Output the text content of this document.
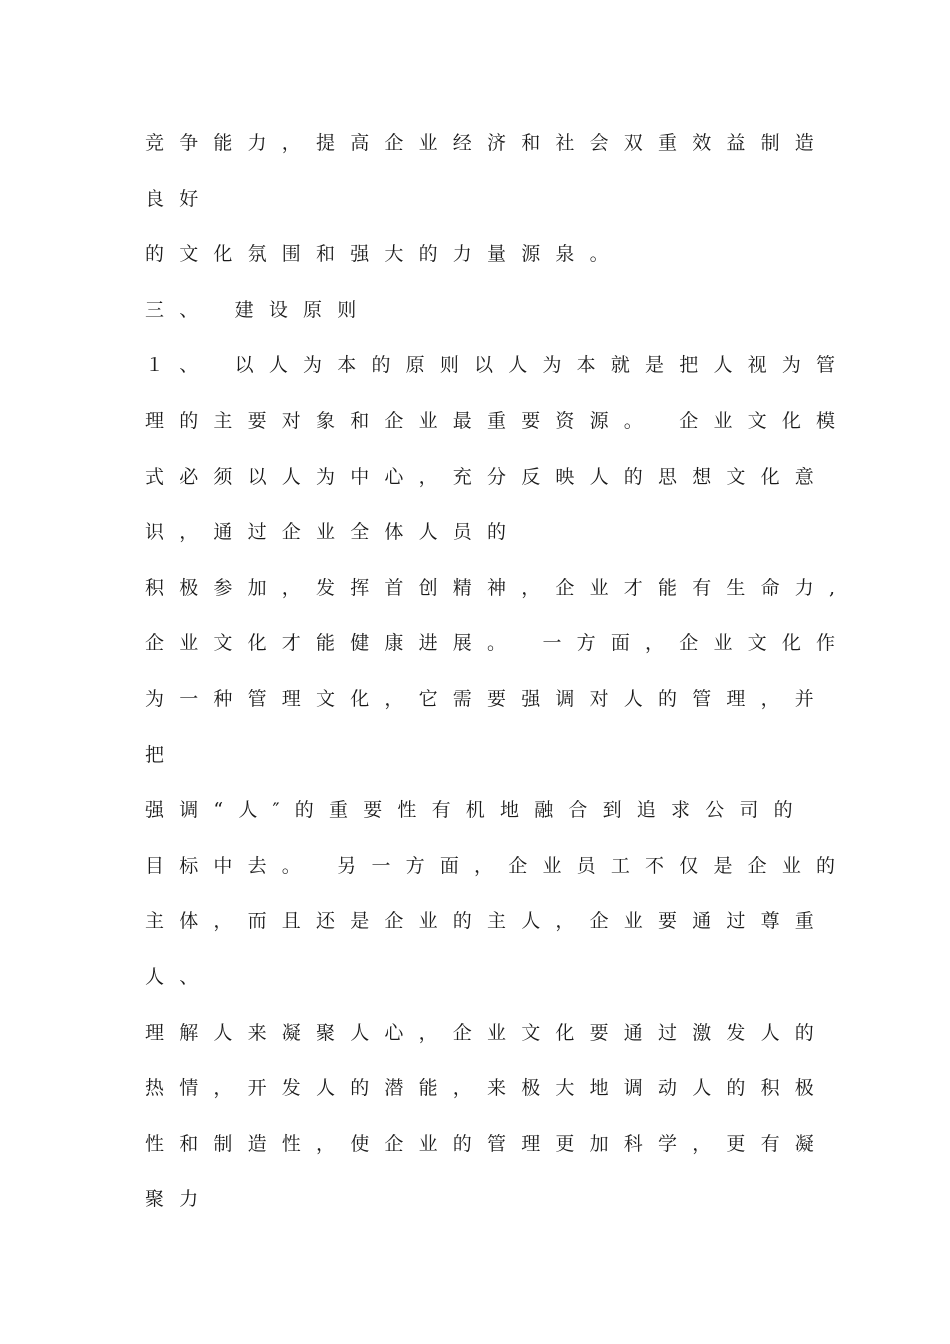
竞争能力，提高企业经济和社会双重效益制造
良好
的文化氛围和强大的力量源泉。
三、 建设原则
１、 以人为本的原则以人为本就是把人视为管
理的主要对象和企业最重要资源。 企业文化模
式必须以人为中心，充分反映人的思想文化意
识，通过企业全体人员的
积极参加，发挥首创精神，企业才能有生命力,
企业文化才能健康进展。 一方面，企业文化作
为一种管理文化，它需要强调对人的管理，并
把
强调“人″的重要性有机地融合到追求公司的
目标中去。 另一方面，企业员工不仅是企业的
主体，而且还是企业的主人，企业要通过尊重
人、
理解人来凝聚人心，企业文化要通过激发人的
热情，开发人的潜能，来极大地调动人的积极
性和制造性，使企业的管理更加科学，更有凝
聚力
